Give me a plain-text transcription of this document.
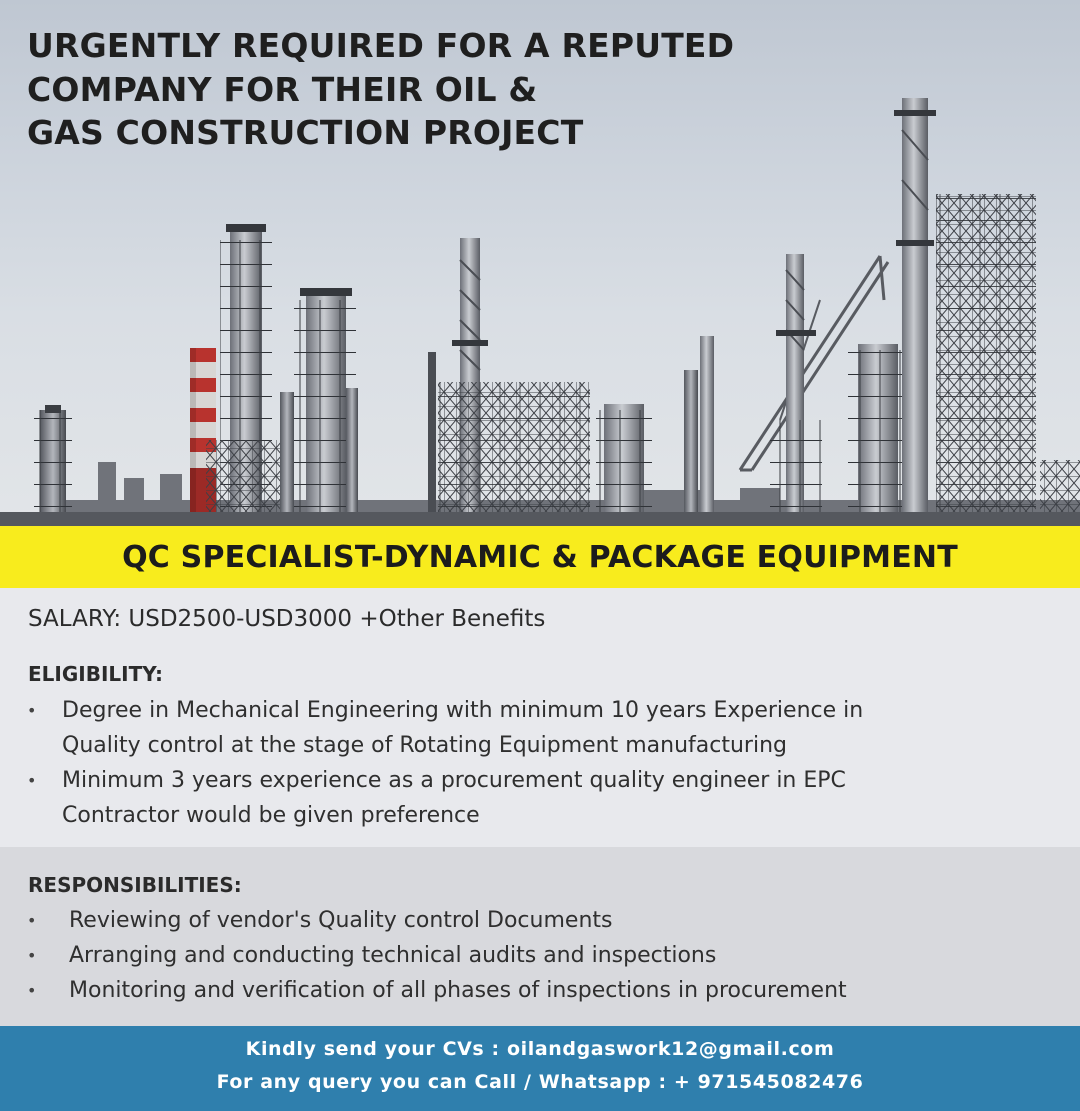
URGENTLY REQUIRED FOR A REPUTED
COMPANY FOR THEIR OIL &
GAS CONSTRUCTION PROJECT
QC SPECIALIST-DYNAMIC & PACKAGE EQUIPMENT
SALARY: USD2500-USD3000 +Other Benefits
ELIGIBILITY:
• Degree in Mechanical Engineering with minimum 10 years Experience in
Quality control at the stage of Rotating Equipment manufacturing
• Minimum 3 years experience as a procurement quality engineer in EPC
Contractor would be given preference
RESPONSIBILITIES:
• Reviewing of vendor's Quality control Documents
• Arranging and conducting technical audits and inspections
• Monitoring and verification of all phases of inspections in procurement
Kindly send your CVs : oilandgaswork12@gmail.com
For any query you can Call / Whatsapp : + 971545082476
